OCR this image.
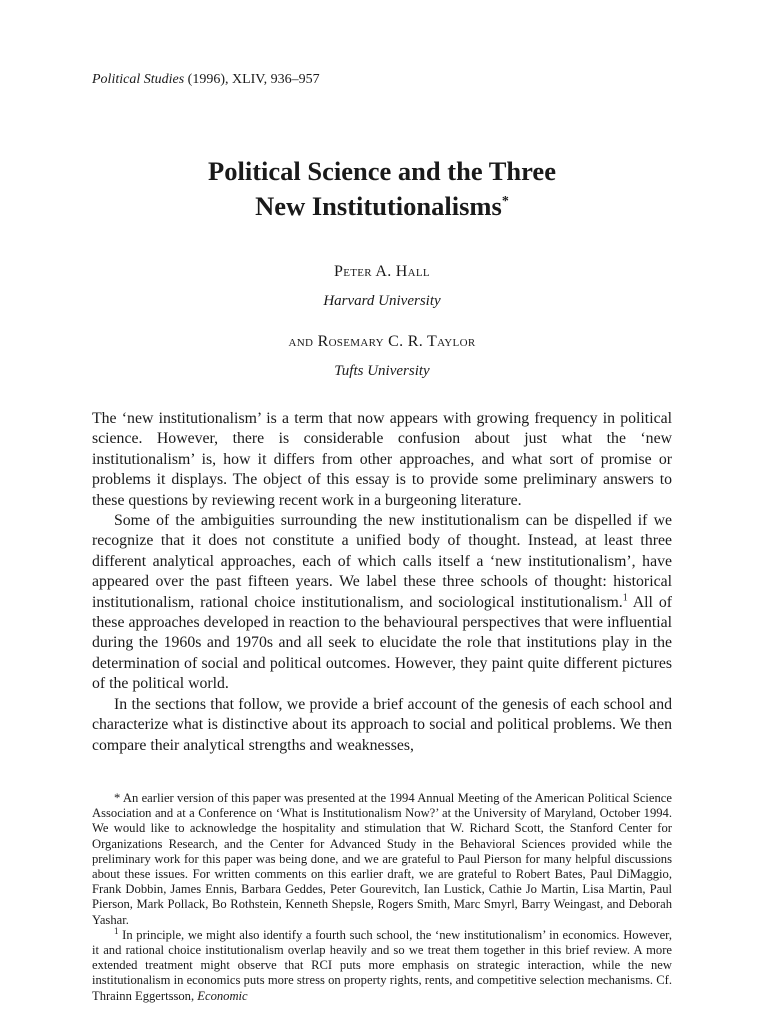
Political Studies (1996), XLIV, 936–957
Political Science and the Three
New Institutionalisms*
Peter A. Hall
Harvard University
and Rosemary C. R. Taylor
Tufts University

The ‘new institutionalism’ is a term that now appears with growing frequency in political science. However, there is considerable confusion about just what the ‘new institutionalism’ is, how it differs from other approaches, and what sort of promise or problems it displays. The object of this essay is to provide some preliminary answers to these questions by reviewing recent work in a burgeoning literature.

Some of the ambiguities surrounding the new institutionalism can be dispelled if we recognize that it does not constitute a unified body of thought. Instead, at least three different analytical approaches, each of which calls itself a ‘new institutionalism’, have appeared over the past fifteen years. We label these three schools of thought: historical institutionalism, rational choice institutionalism, and sociological institutionalism.$^1$ All of these approaches developed in reaction to the behavioural perspectives that were influential during the 1960s and 1970s and all seek to elucidate the role that institutions play in the determination of social and political outcomes. However, they paint quite different pictures of the political world.

In the sections that follow, we provide a brief account of the genesis of each school and characterize what is distinctive about its approach to social and political problems. We then compare their analytical strengths and weaknesses,

* An earlier version of this paper was presented at the 1994 Annual Meeting of the American Political Science Association and at a Conference on ‘What is Institutionalism Now?’ at the University of Maryland, October 1994. We would like to acknowledge the hospitality and stimulation that W. Richard Scott, the Stanford Center for Organizations Research, and the Center for Advanced Study in the Behavioral Sciences provided while the preliminary work for this paper was being done, and we are grateful to Paul Pierson for many helpful discussions about these issues. For written comments on this earlier draft, we are grateful to Robert Bates, Paul DiMaggio, Frank Dobbin, James Ennis, Barbara Geddes, Peter Gourevitch, Ian Lustick, Cathie Jo Martin, Lisa Martin, Paul Pierson, Mark Pollack, Bo Rothstein, Kenneth Shepsle, Rogers Smith, Marc Smyrl, Barry Weingast, and Deborah Yashar.

$^1$ In principle, we might also identify a fourth such school, the ‘new institutionalism’ in economics. However, it and rational choice institutionalism overlap heavily and so we treat them together in this brief review. A more extended treatment might observe that RCI puts more emphasis on strategic interaction, while the new institutionalism in economics puts more stress on property rights, rents, and competitive selection mechanisms. Cf. Thrainn Eggertsson, Economic
